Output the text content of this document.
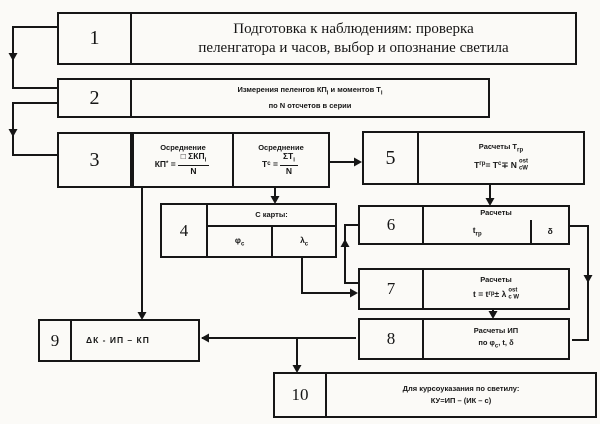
1	Подготовка к наблюдениям: проверка
пеленгатора и часов, выбор и опознание светила
2	Измерения пеленгов $КП_i$ и моментов $Т_i$
по N отсчетов в серии
3
Осреднение
КП *
= $\frac{□ \Sigma КП_i}{N}$
Осреднение
Т с
= $\frac{\Sigma Т_i}{N}$
4
С карты:
$\varphi_с$	$\lambda_с$
5	Расчеты $Т_{гр}$
Т гр = Т с ∓ N ost
cW
6
Расчеты
$t_{гр}$	δ
7	Расчеты
t = t гр ± λ ost
c W
8	Расчеты ИП
по $\varphi_с$, t, δ
9	ΔК - ИП – КП
10	Для курсоуказания по светилу:
КУ=ИП – (ИК – с)
